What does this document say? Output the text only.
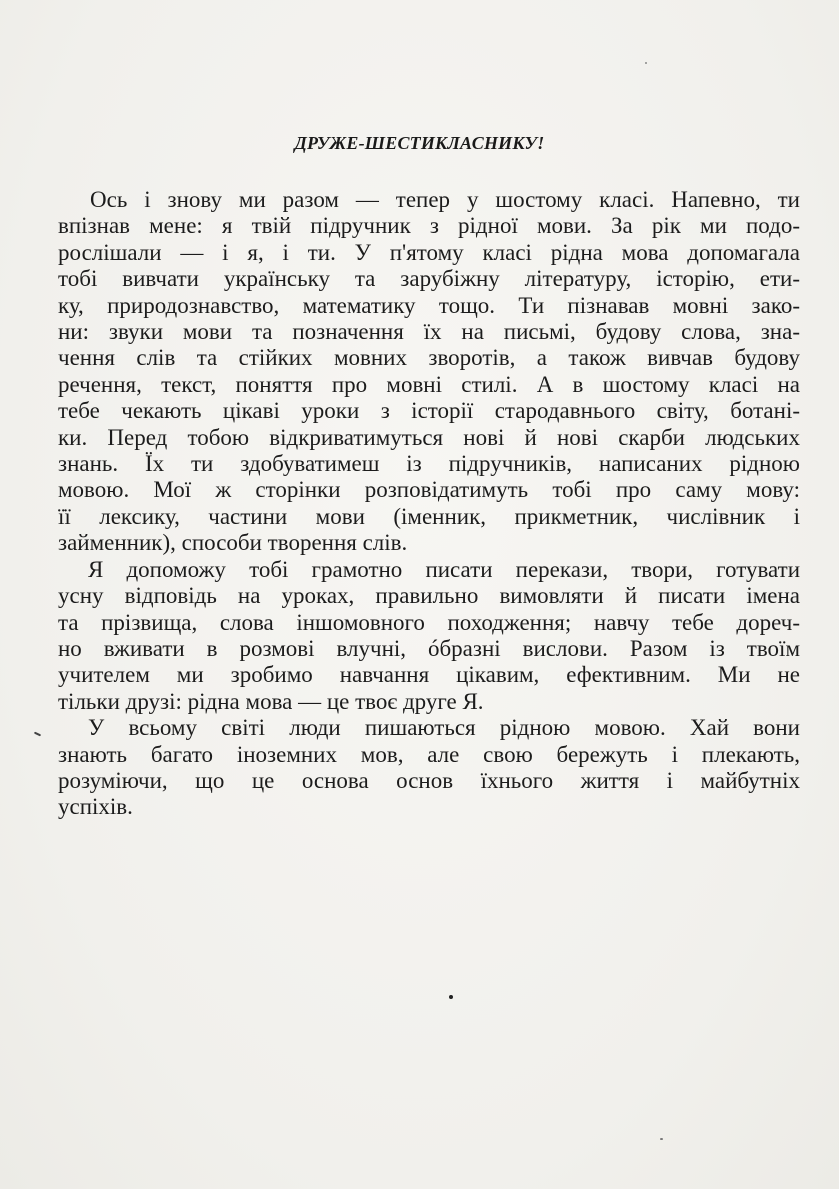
ДРУЖЕ-ШЕСТИКЛАСНИКУ!
Ось і знову ми разом — тепер у шостому класі. Напевно, ти
впізнав мене: я твій підручник з рідної мови. За рік ми подо-
рослішали — і я, і ти. У п'ятому класі рідна мова допомагала
тобі вивчати українську та зарубіжну літературу, історію, ети-
ку, природознавство, математику тощо. Ти пізнавав мовні зако-
ни: звуки мови та позначення їх на письмі, будову слова, зна-
чення слів та стійких мовних зворотів, а також вивчав будову
речення, текст, поняття про мовні стилі. А в шостому класі на
тебе чекають цікаві уроки з історії стародавнього світу, ботані-
ки. Перед тобою відкриватимуться нові й нові скарби людських
знань. Їх ти здобуватимеш із підручників, написаних рідною
мовою. Мої ж сторінки розповідатимуть тобі про саму мову:
її лексику, частини мови (іменник, прикметник, числівник і
займенник), способи творення слів.
Я допоможу тобі грамотно писати перекази, твори, готувати
усну відповідь на уроках, правильно вимовляти й писати імена
та прізвища, слова іншомовного походження; навчу тебе дореч-
но вживати в розмові влучні, óбразні вислови. Разом із твоїм
учителем ми зробимо навчання цікавим, ефективним. Ми не
тільки друзі: рідна мова — це твоє друге Я.
У всьому світі люди пишаються рідною мовою. Хай вони
знають багато іноземних мов, але свою бережуть і плекають,
розуміючи, що це основа основ їхнього життя і майбутніх
успіхів.
